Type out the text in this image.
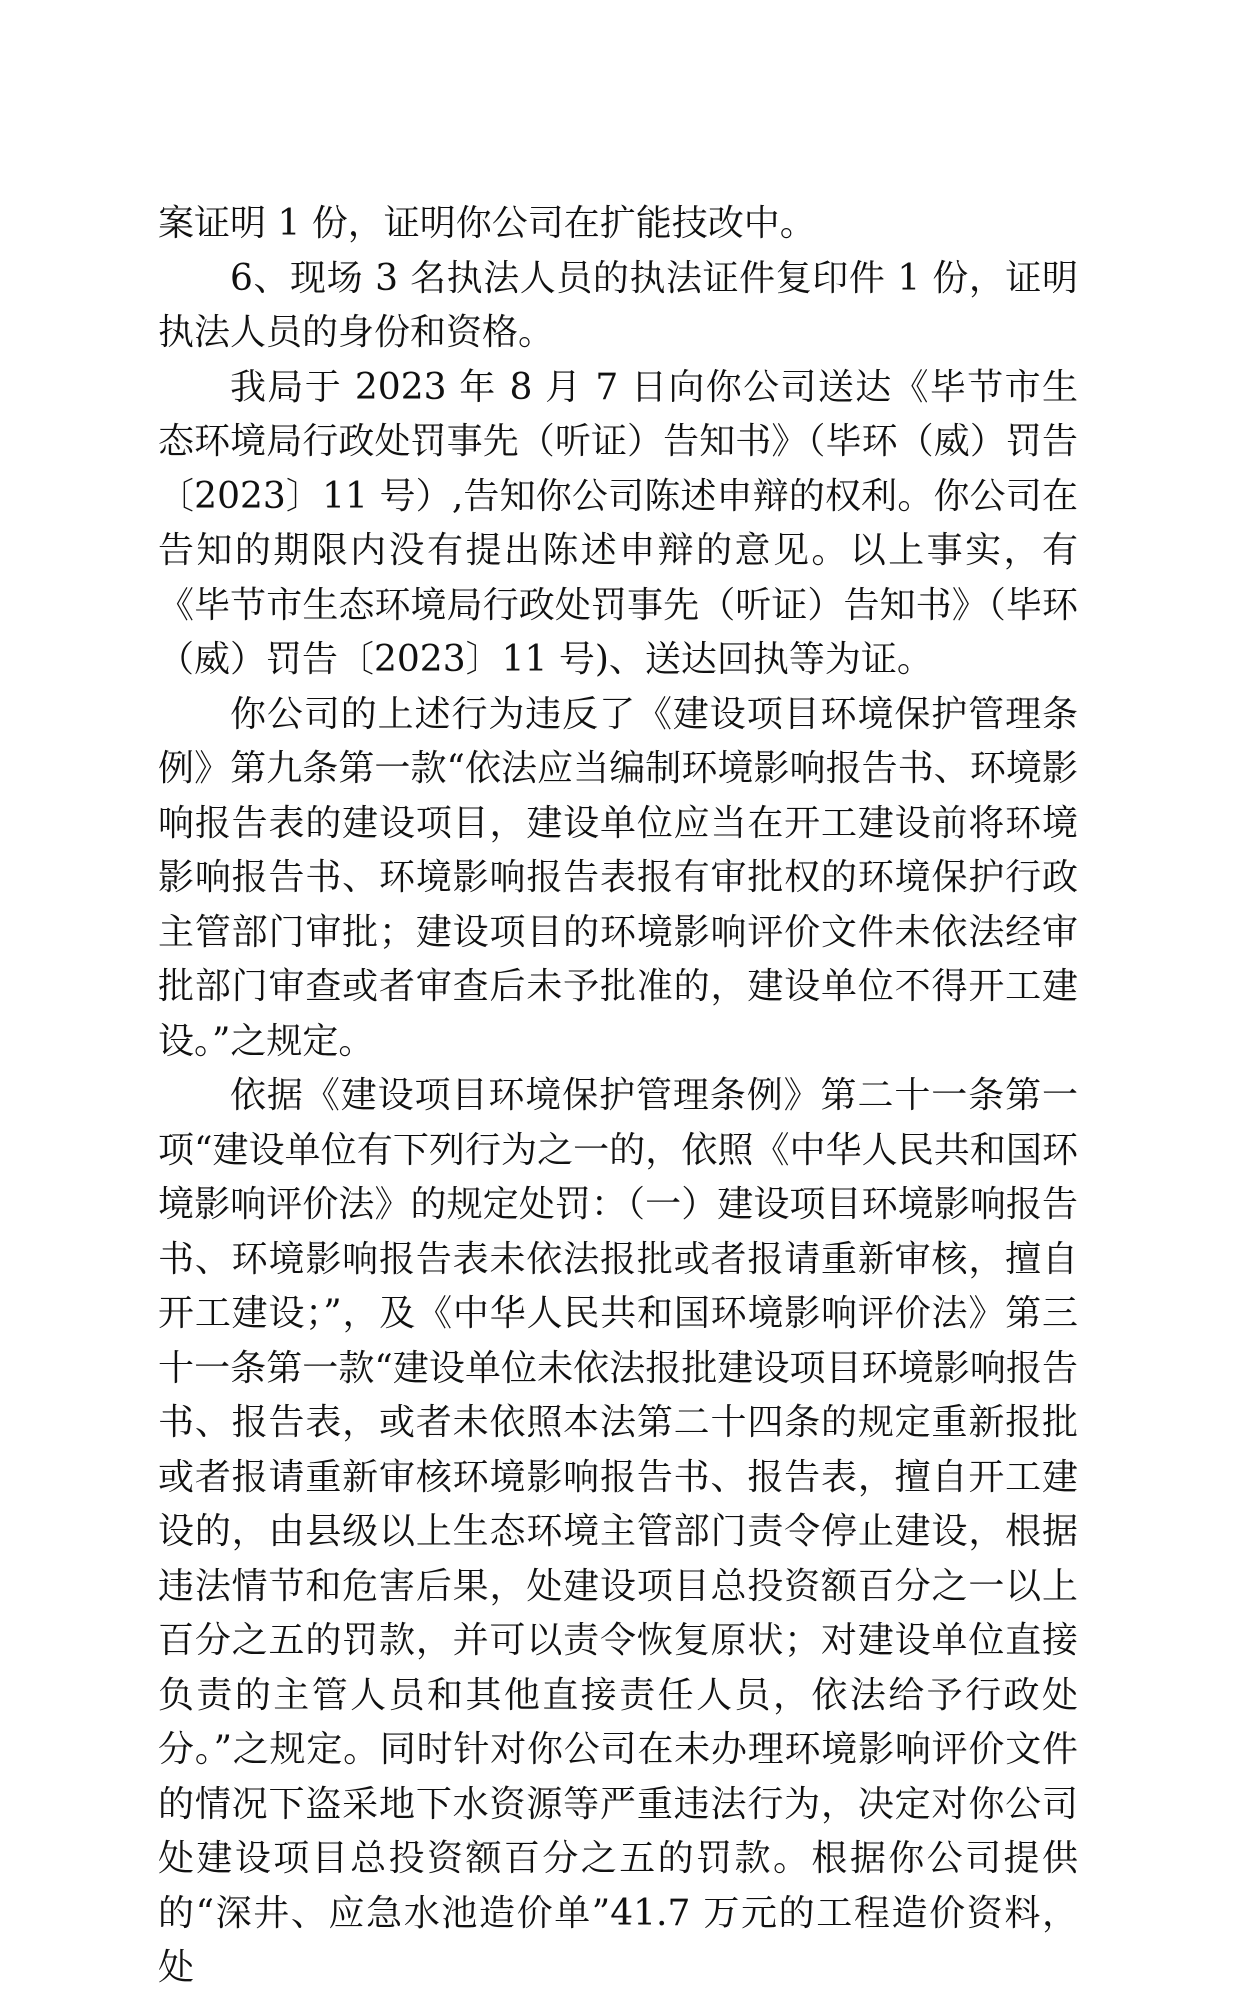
案证明 1 份，证明你公司在扩能技改中。

6、现场 3 名执法人员的执法证件复印件 1 份，证明执法人员的身份和资格。

我局于 2023 年 8 月 7 日向你公司送达《毕节市生态环境局行政处罚事先（听证）告知书》（毕环（威）罚告〔2023〕11 号）,告知你公司陈述申辩的权利。你公司在告知的期限内没有提出陈述申辩的意见。以上事实，有《毕节市生态环境局行政处罚事先（听证）告知书》（毕环（威）罚告〔2023〕11 号)、送达回执等为证。

你公司的上述行为违反了《建设项目环境保护管理条例》第九条第一款“依法应当编制环境影响报告书、环境影响报告表的建设项目，建设单位应当在开工建设前将环境影响报告书、环境影响报告表报有审批权的环境保护行政主管部门审批；建设项目的环境影响评价文件未依法经审批部门审查或者审查后未予批准的，建设单位不得开工建设。”之规定。

依据《建设项目环境保护管理条例》第二十一条第一项“建设单位有下列行为之一的，依照《中华人民共和国环境影响评价法》的规定处罚：（一）建设项目环境影响报告书、环境影响报告表未依法报批或者报请重新审核，擅自开工建设；”，及《中华人民共和国环境影响评价法》第三十一条第一款“建设单位未依法报批建设项目环境影响报告书、报告表，或者未依照本法第二十四条的规定重新报批或者报请重新审核环境影响报告书、报告表，擅自开工建设的，由县级以上生态环境主管部门责令停止建设，根据违法情节和危害后果，处建设项目总投资额百分之一以上百分之五的罚款，并可以责令恢复原状；对建设单位直接负责的主管人员和其他直接责任人员，依法给予行政处分。”之规定。同时针对你公司在未办理环境影响评价文件的情况下盗采地下水资源等严重违法行为，决定对你公司处建设项目总投资额百分之五的罚款。根据你公司提供的“深井、应急水池造价单”41.7 万元的工程造价资料，处
